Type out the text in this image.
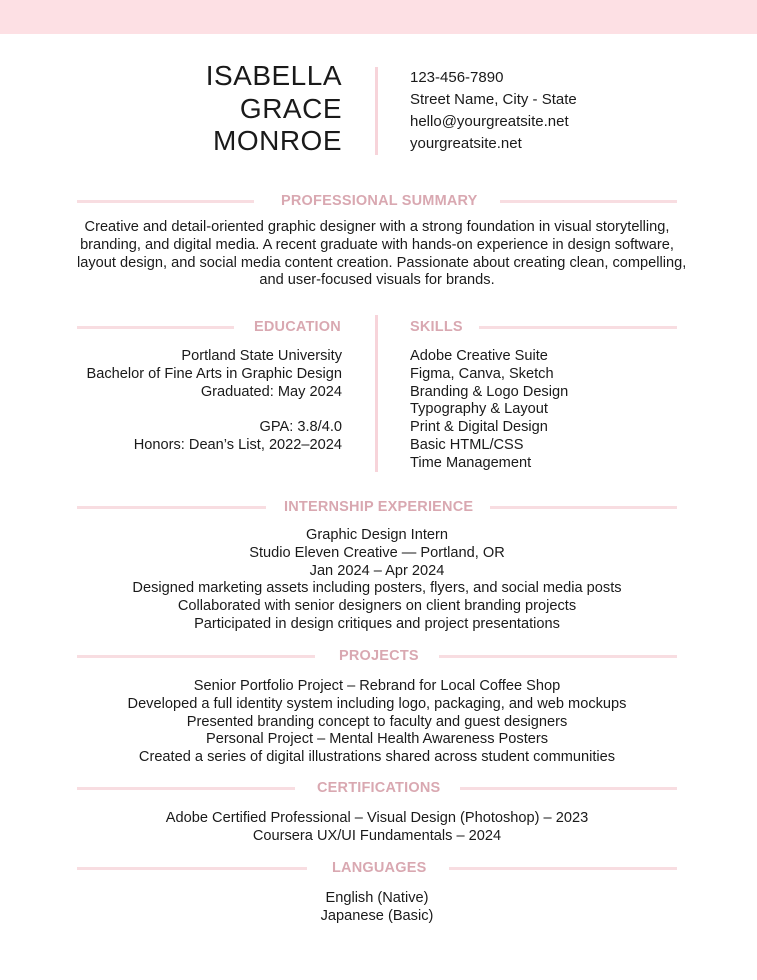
ISABELLA
GRACE
MONROE
123-456-7890
Street Name, City - State
hello@yourgreatsite.net
yourgreatsite.net
PROFESSIONAL SUMMARY
Creative and detail-oriented graphic designer with a strong foundation in visual storytelling,
branding, and digital media. A recent graduate with hands-on experience in design software,
layout design, and social media content creation. Passionate about creating clean, compelling,
and user-focused visuals for brands.
EDUCATION	SKILLS
Portland State University
Bachelor of Fine Arts in Graphic Design
Graduated: May 2024
GPA: 3.8/4.0
Honors: Dean’s List, 2022–2024
Adobe Creative Suite
Figma, Canva, Sketch
Branding & Logo Design
Typography & Layout
Print & Digital Design
Basic HTML/CSS
Time Management
INTERNSHIP EXPERIENCE
Graphic Design Intern
Studio Eleven Creative — Portland, OR
Jan 2024 – Apr 2024
Designed marketing assets including posters, flyers, and social media posts
Collaborated with senior designers on client branding projects
Participated in design critiques and project presentations
PROJECTS
Senior Portfolio Project – Rebrand for Local Coffee Shop
Developed a full identity system including logo, packaging, and web mockups
Presented branding concept to faculty and guest designers
Personal Project – Mental Health Awareness Posters
Created a series of digital illustrations shared across student communities
CERTIFICATIONS
Adobe Certified Professional – Visual Design (Photoshop) – 2023
Coursera UX/UI Fundamentals – 2024
LANGUAGES
English (Native)
Japanese (Basic)
